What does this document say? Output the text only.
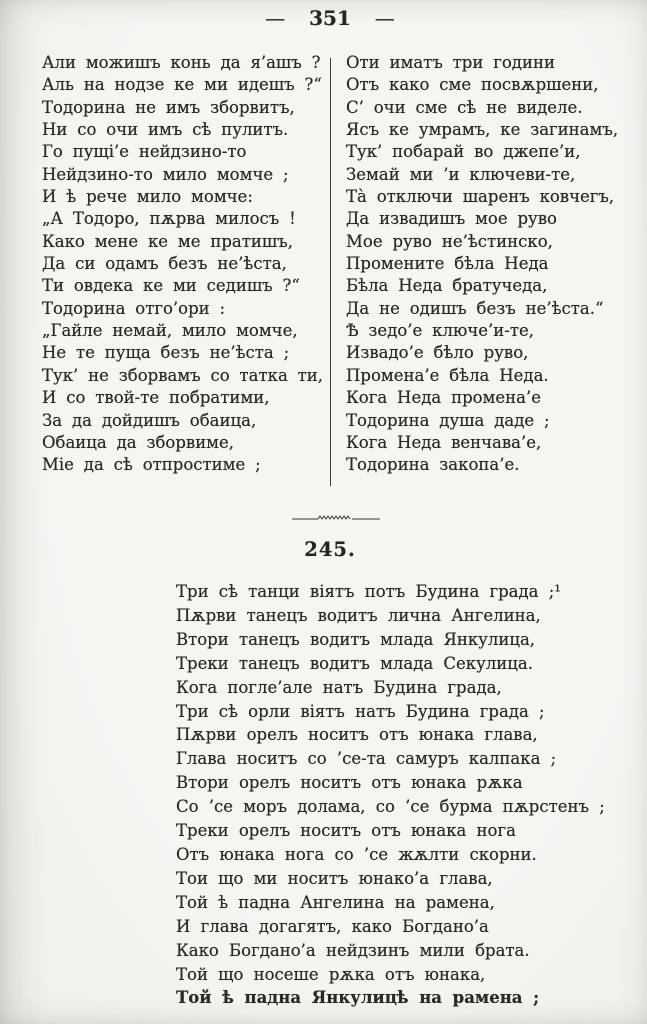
— 351 —
Али можишъ конь да я’ашъ ?
Аль на нодзе ке ми идешъ ?“
Тодорина не имъ зборвитъ,
Ни со очи имъ сѣ пулитъ.
Го пущі’е нейдзино-то
Нейдзино-то мило момче ;
И ѣ рече мило момче:
„А Тодоро, пѫрва милосъ !
Како мене ке ме пратишъ,
Да си одамъ безъ не’ѣста,
Ти овдека ке ми седишъ ?“
Тодорина отго’ори :
„Гайле немай, мило момче,
Не те пуща безъ не’ѣста ;
Тук’ не зборвамъ со татка ти,
И со твой-те побратими,
За да дойдишъ обаица,
Обаица да зборвиме,
Міе да сѣ отпростиме ;
Оти иматъ три години
Отъ како сме посвѫршени,
С’ очи сме сѣ не виделе.
Ясъ ке умрамъ, ке загинамъ,
Тук’ побарай во джепе’и,
Земай ми ’и ключеви-те,
Та̀ отключи шаренъ ковчегъ,
Да извадишъ мое руво
Мое руво не’ѣстинско,
Промените бѣла Неда
Бѣла Неда братучеда,
Да не одишъ безъ не’ѣста.“
Ѣ зедо’е ключе’и-те,
Извадо’е бѣло руво,
Промена’е бѣла Неда.
Кога Неда промена’е
Тодорина душа даде ;
Кога Неда венчава’е,
Тодорина закопа’е.
245.
Три сѣ танци віятъ потъ Будина града ;¹
Пѫрви танецъ водитъ лична Ангелина,
Втори танецъ водитъ млада Янкулица,
Треки танецъ водитъ млада Секулица.
Кога погле’але натъ Будина града,
Три сѣ орли віятъ натъ Будина града ;
Пѫрви орелъ носитъ отъ юнака глава,
Глава носитъ со ’се-та самуръ калпака ;
Втори орелъ носитъ отъ юнака рѫка
Со ’се моръ долама, со ’се бурма пѫрстенъ ;
Треки орелъ носитъ отъ юнака нога
Отъ юнака нога со ’се жѫлти скорни.
Тои що ми носитъ юнако’а глава,
Той ѣ падна Ангелина на рамена,
И глава догагятъ, како Богдано’а
Како Богдано’а нейдзинъ мили брата.
Той що носеше рѫка отъ юнака,
Той ѣ падна Янкулицѣ на рамена ;
